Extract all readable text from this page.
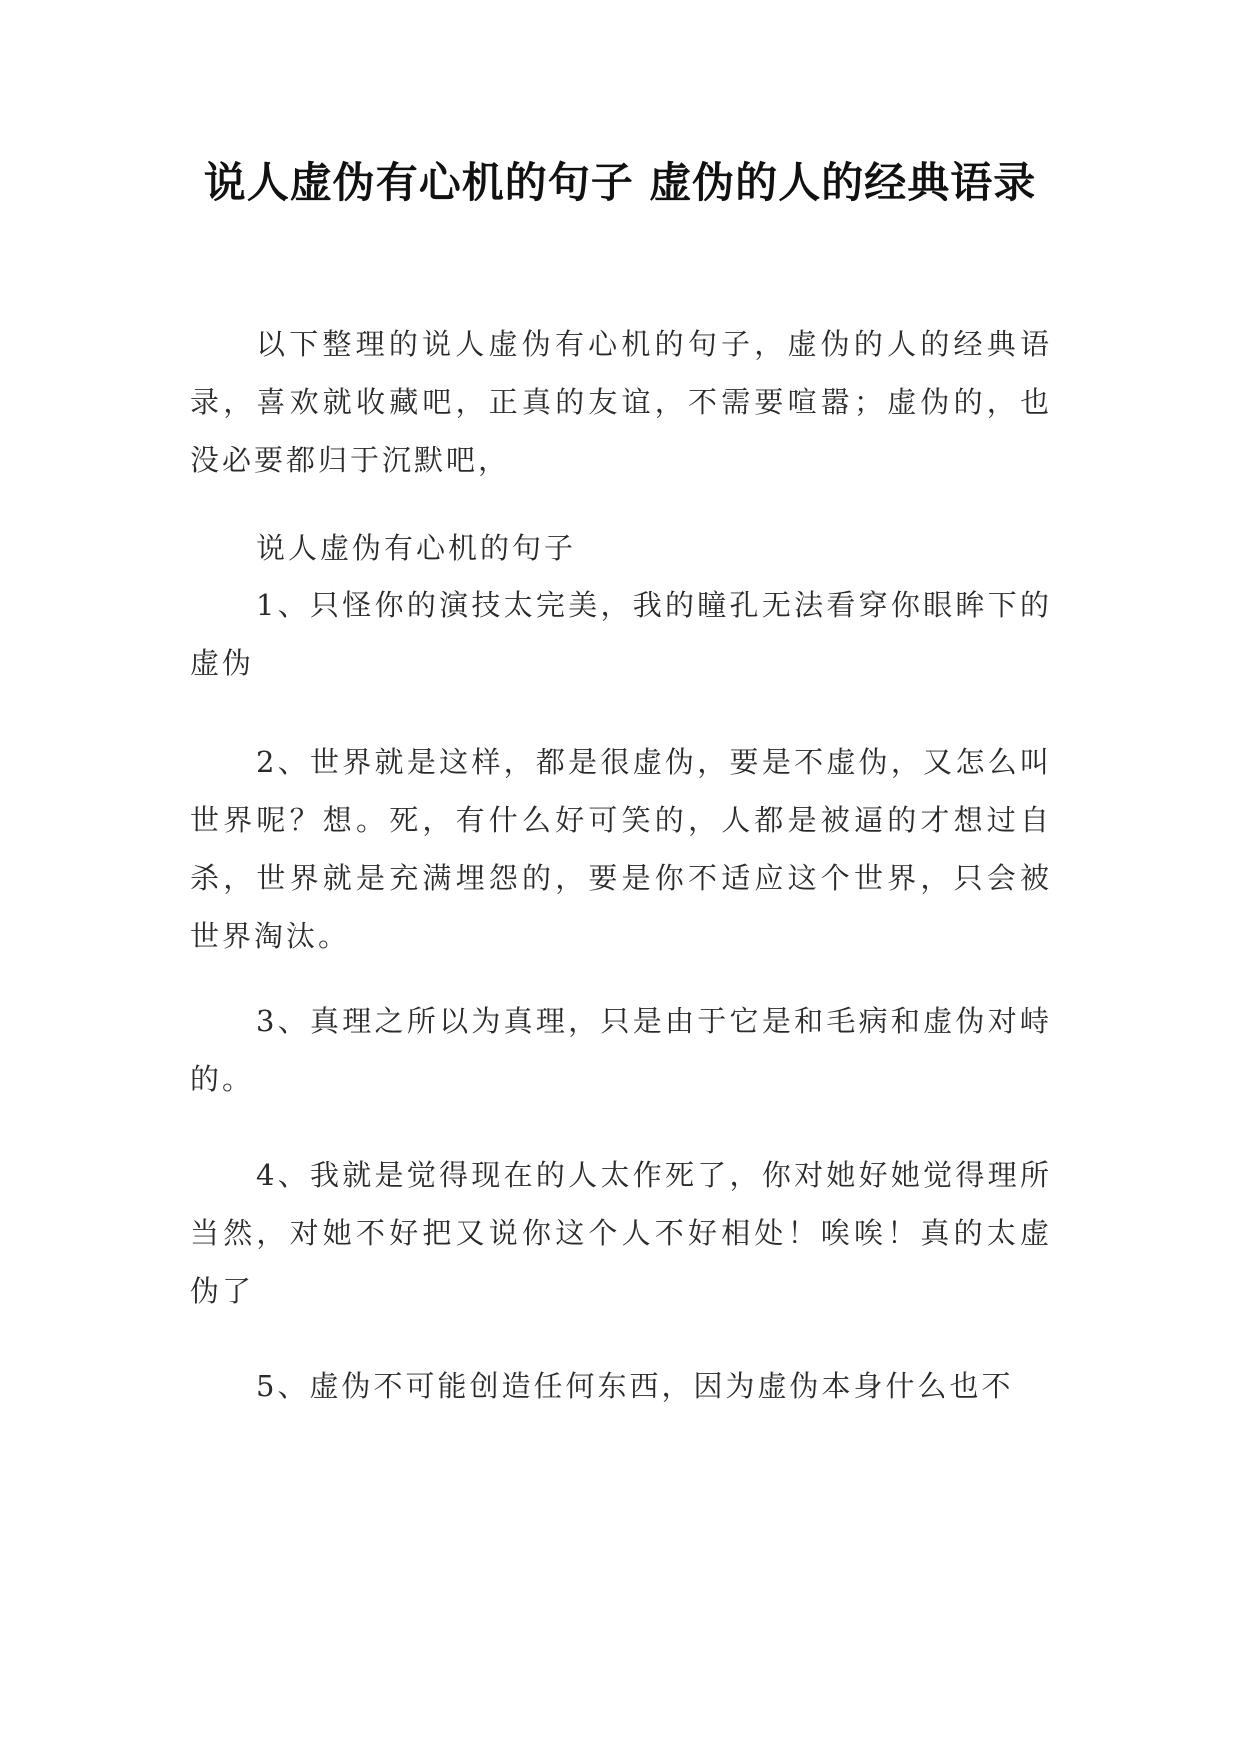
说人虚伪有心机的句子 虚伪的人的经典语录

以下整理的说人虚伪有心机的句子，虚伪的人的经典语录，喜欢就收藏吧，正真的友谊，不需要喧嚣；虚伪的，也没必要都归于沉默吧，

说人虚伪有心机的句子

1、只怪你的演技太完美，我的瞳孔无法看穿你眼眸下的虚伪

2、世界就是这样，都是很虚伪，要是不虚伪，又怎么叫世界呢？想。死，有什么好可笑的，人都是被逼的才想过自杀，世界就是充满埋怨的，要是你不适应这个世界，只会被世界淘汰。

3、真理之所以为真理，只是由于它是和毛病和虚伪对峙的。

4、我就是觉得现在的人太作死了，你对她好她觉得理所当然，对她不好把又说你这个人不好相处！唉唉！真的太虚伪了

5、虚伪不可能创造任何东西，因为虚伪本身什么也不
